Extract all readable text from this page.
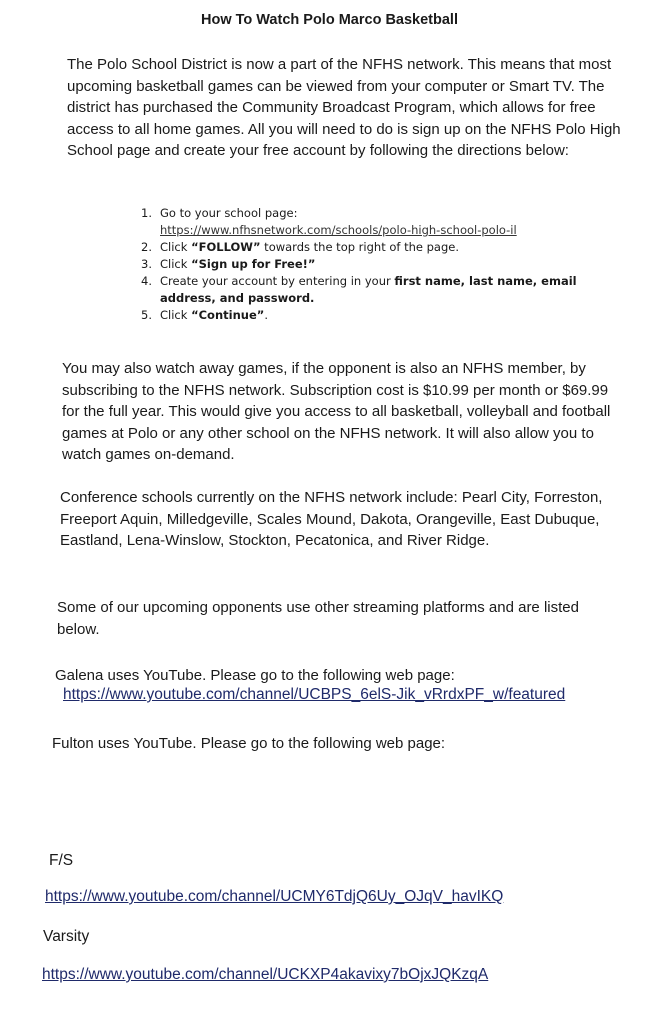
How To Watch Polo Marco Basketball

The Polo School District is now a part of the NFHS network. This means that most upcoming basketball games can be viewed from your computer or Smart TV. The district has purchased the Community Broadcast Program, which allows for free access to all home games. All you will need to do is sign up on the NFHS Polo High School page and create your free account by following the directions below:

1. Go to your school page:
https://www.nfhsnetwork.com/schools/polo-high-school-polo-il
2. Click “FOLLOW” towards the top right of the page.
3. Click “Sign up for Free!”
4. Create your account by entering in your first name, last name, email address, and password.
5. Click “Continue”.

You may also watch away games, if the opponent is also an NFHS member, by subscribing to the NFHS network. Subscription cost is $10.99 per month or $69.99 for the full year. This would give you access to all basketball, volleyball and football games at Polo or any other school on the NFHS network. It will also allow you to watch games on-demand.

Conference schools currently on the NFHS network include: Pearl City, Forreston, Freeport Aquin, Milledgeville, Scales Mound, Dakota, Orangeville, East Dubuque, Eastland, Lena-Winslow, Stockton, Pecatonica, and River Ridge.

Some of our upcoming opponents use other streaming platforms and are listed below.

Galena uses YouTube. Please go to the following web page:

https://www.youtube.com/channel/UCBPS_6elS-Jik_vRrdxPF_w/featured

Fulton uses YouTube. Please go to the following web page:

F/S
https://www.youtube.com/channel/UCMY6TdjQ6Uy_OJqV_havIKQ
Varsity
https://www.youtube.com/channel/UCKXP4akavixy7bOjxJQKzqA
